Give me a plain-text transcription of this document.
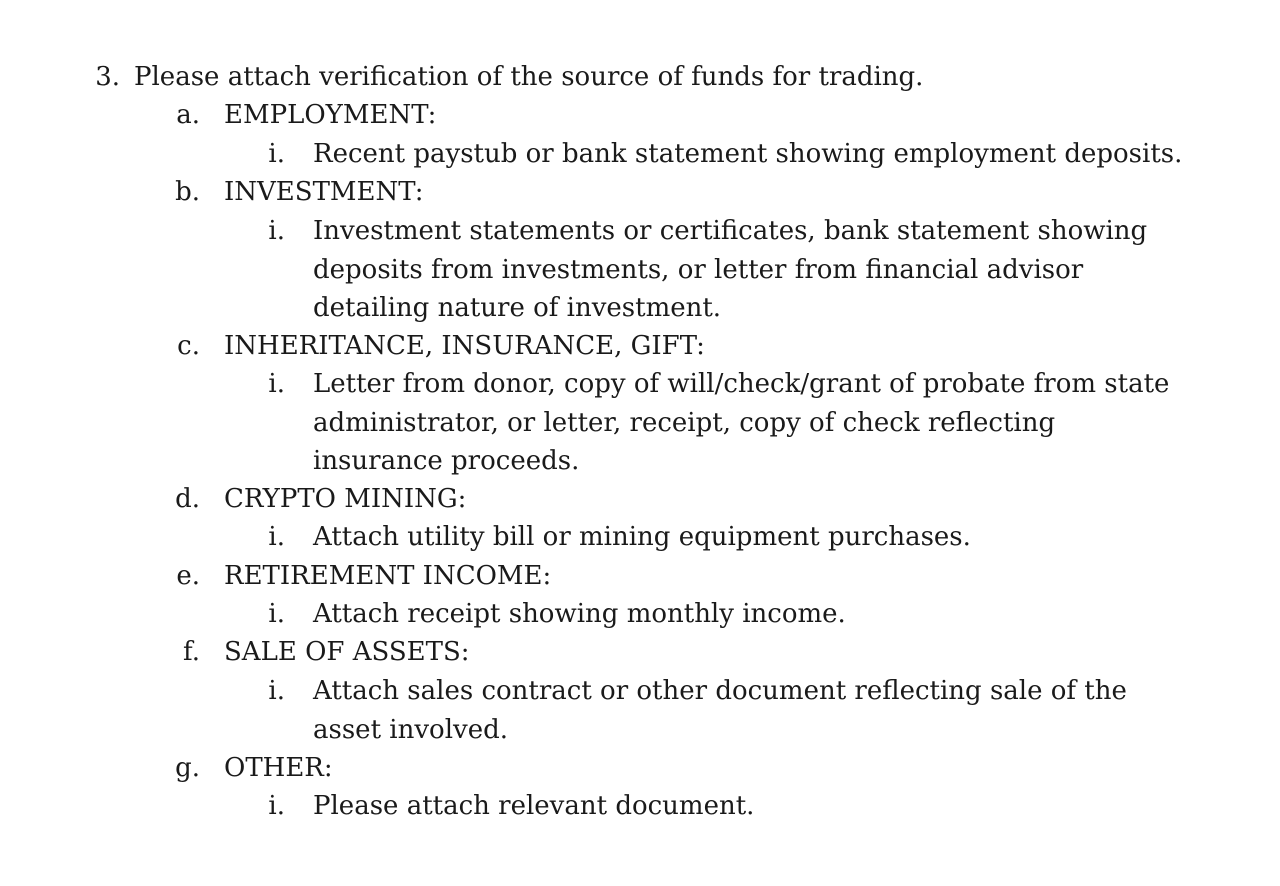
3. Please attach verification of the source of funds for trading.
a. EMPLOYMENT:
i. Recent paystub or bank statement showing employment deposits.
b. INVESTMENT:
i. Investment statements or certificates, bank statement showing deposits from investments, or letter from financial advisor detailing nature of investment.
c. INHERITANCE, INSURANCE, GIFT:
i. Letter from donor, copy of will/check/grant of probate from state administrator, or letter, receipt, copy of check reflecting insurance proceeds.
d. CRYPTO MINING:
i. Attach utility bill or mining equipment purchases.
e. RETIREMENT INCOME:
i. Attach receipt showing monthly income.
f. SALE OF ASSETS:
i. Attach sales contract or other document reflecting sale of the asset involved.
g. OTHER:
i. Please attach relevant document.
